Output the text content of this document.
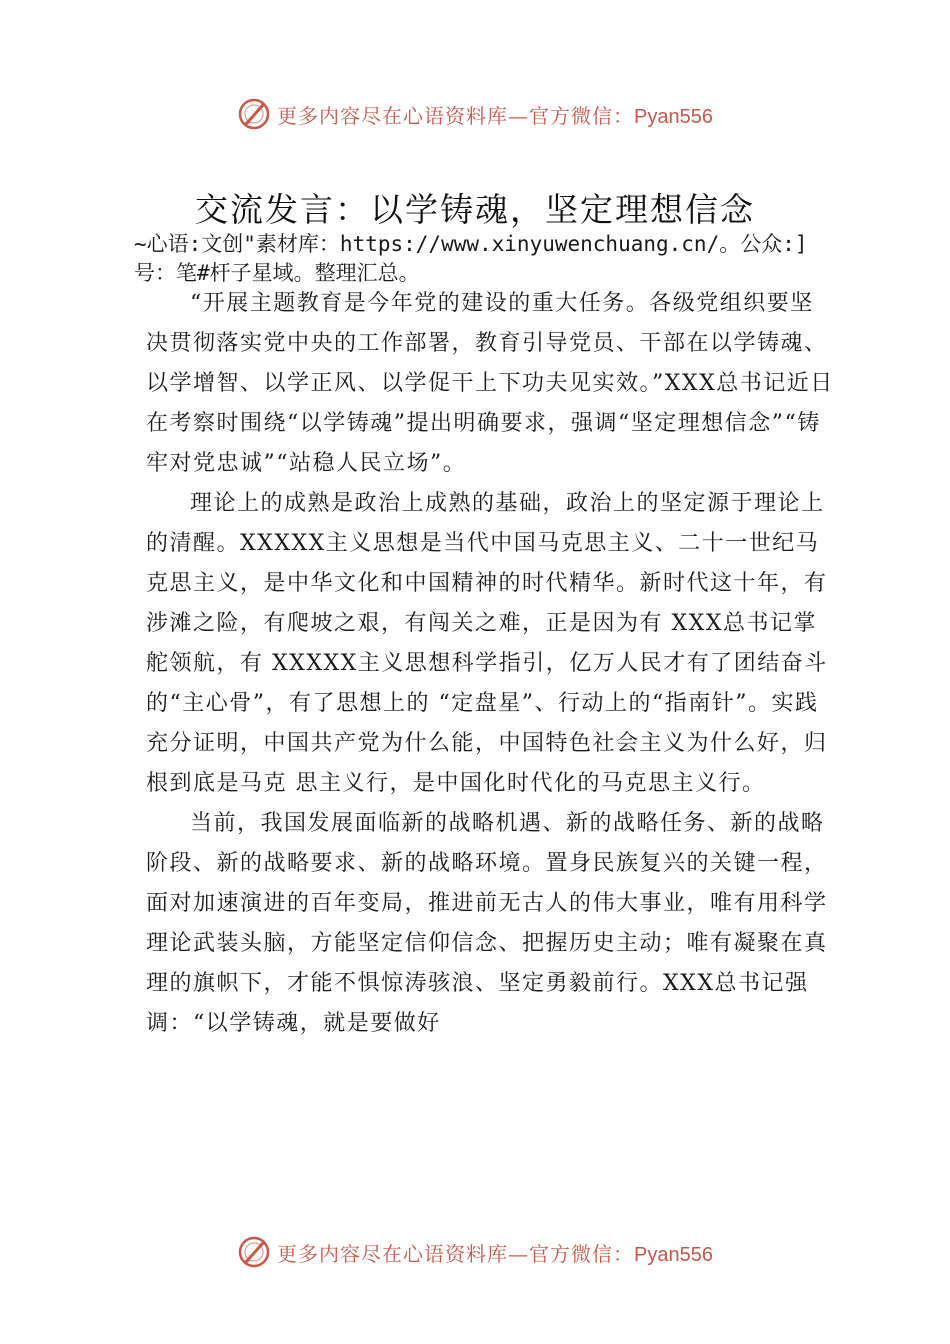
更多内容尽在心语资料库—官方微信：Pyan556
交流发言：以学铸魂，坚定理想信念
~心语:文创"素材库：https://www.xinyuwenchuang.cn/。公众:]号：笔#杆子星域。整理汇总。

“开展主题教育是今年党的建设的重大任务。各级党组织要坚决贯彻落实党中央的工作部署，教育引导党员、干部在以学铸魂、以学增智、以学正风、以学促干上下功夫见实效。”XXX总书记近日在考察时围绕“以学铸魂”提出明确要求，强调“坚定理想信念”“铸牢对党忠诚”“站稳人民立场”。

理论上的成熟是政治上成熟的基础，政治上的坚定源于理论上的清醒。XXXXX主义思想是当代中国马克思主义、二十一世纪马克思主义，是中华文化和中国精神的时代精华。新时代这十年，有涉滩之险，有爬坡之艰，有闯关之难，正是因为有 XXX总书记掌舵领航，有 XXXXX主义思想科学指引，亿万人民才有了团结奋斗的“主心骨”，有了思想上的 “定盘星”、行动上的“指南针”。实践充分证明，中国共产党为什么能，中国特色社会主义为什么好，归根到底是马克 思主义行，是中国化时代化的马克思主义行。

当前，我国发展面临新的战略机遇、新的战略任务、新的战略阶段、新的战略要求、新的战略环境。置身民族复兴的关键一程，面对加速演进的百年变局，推进前无古人的伟大事业，唯有用科学理论武装头脑，方能坚定信仰信念、把握历史主动；唯有凝聚在真理的旗帜下，才能不惧惊涛骇浪、坚定勇毅前行。XXX总书记强调：“以学铸魂，就是要做好

更多内容尽在心语资料库—官方微信：Pyan556
